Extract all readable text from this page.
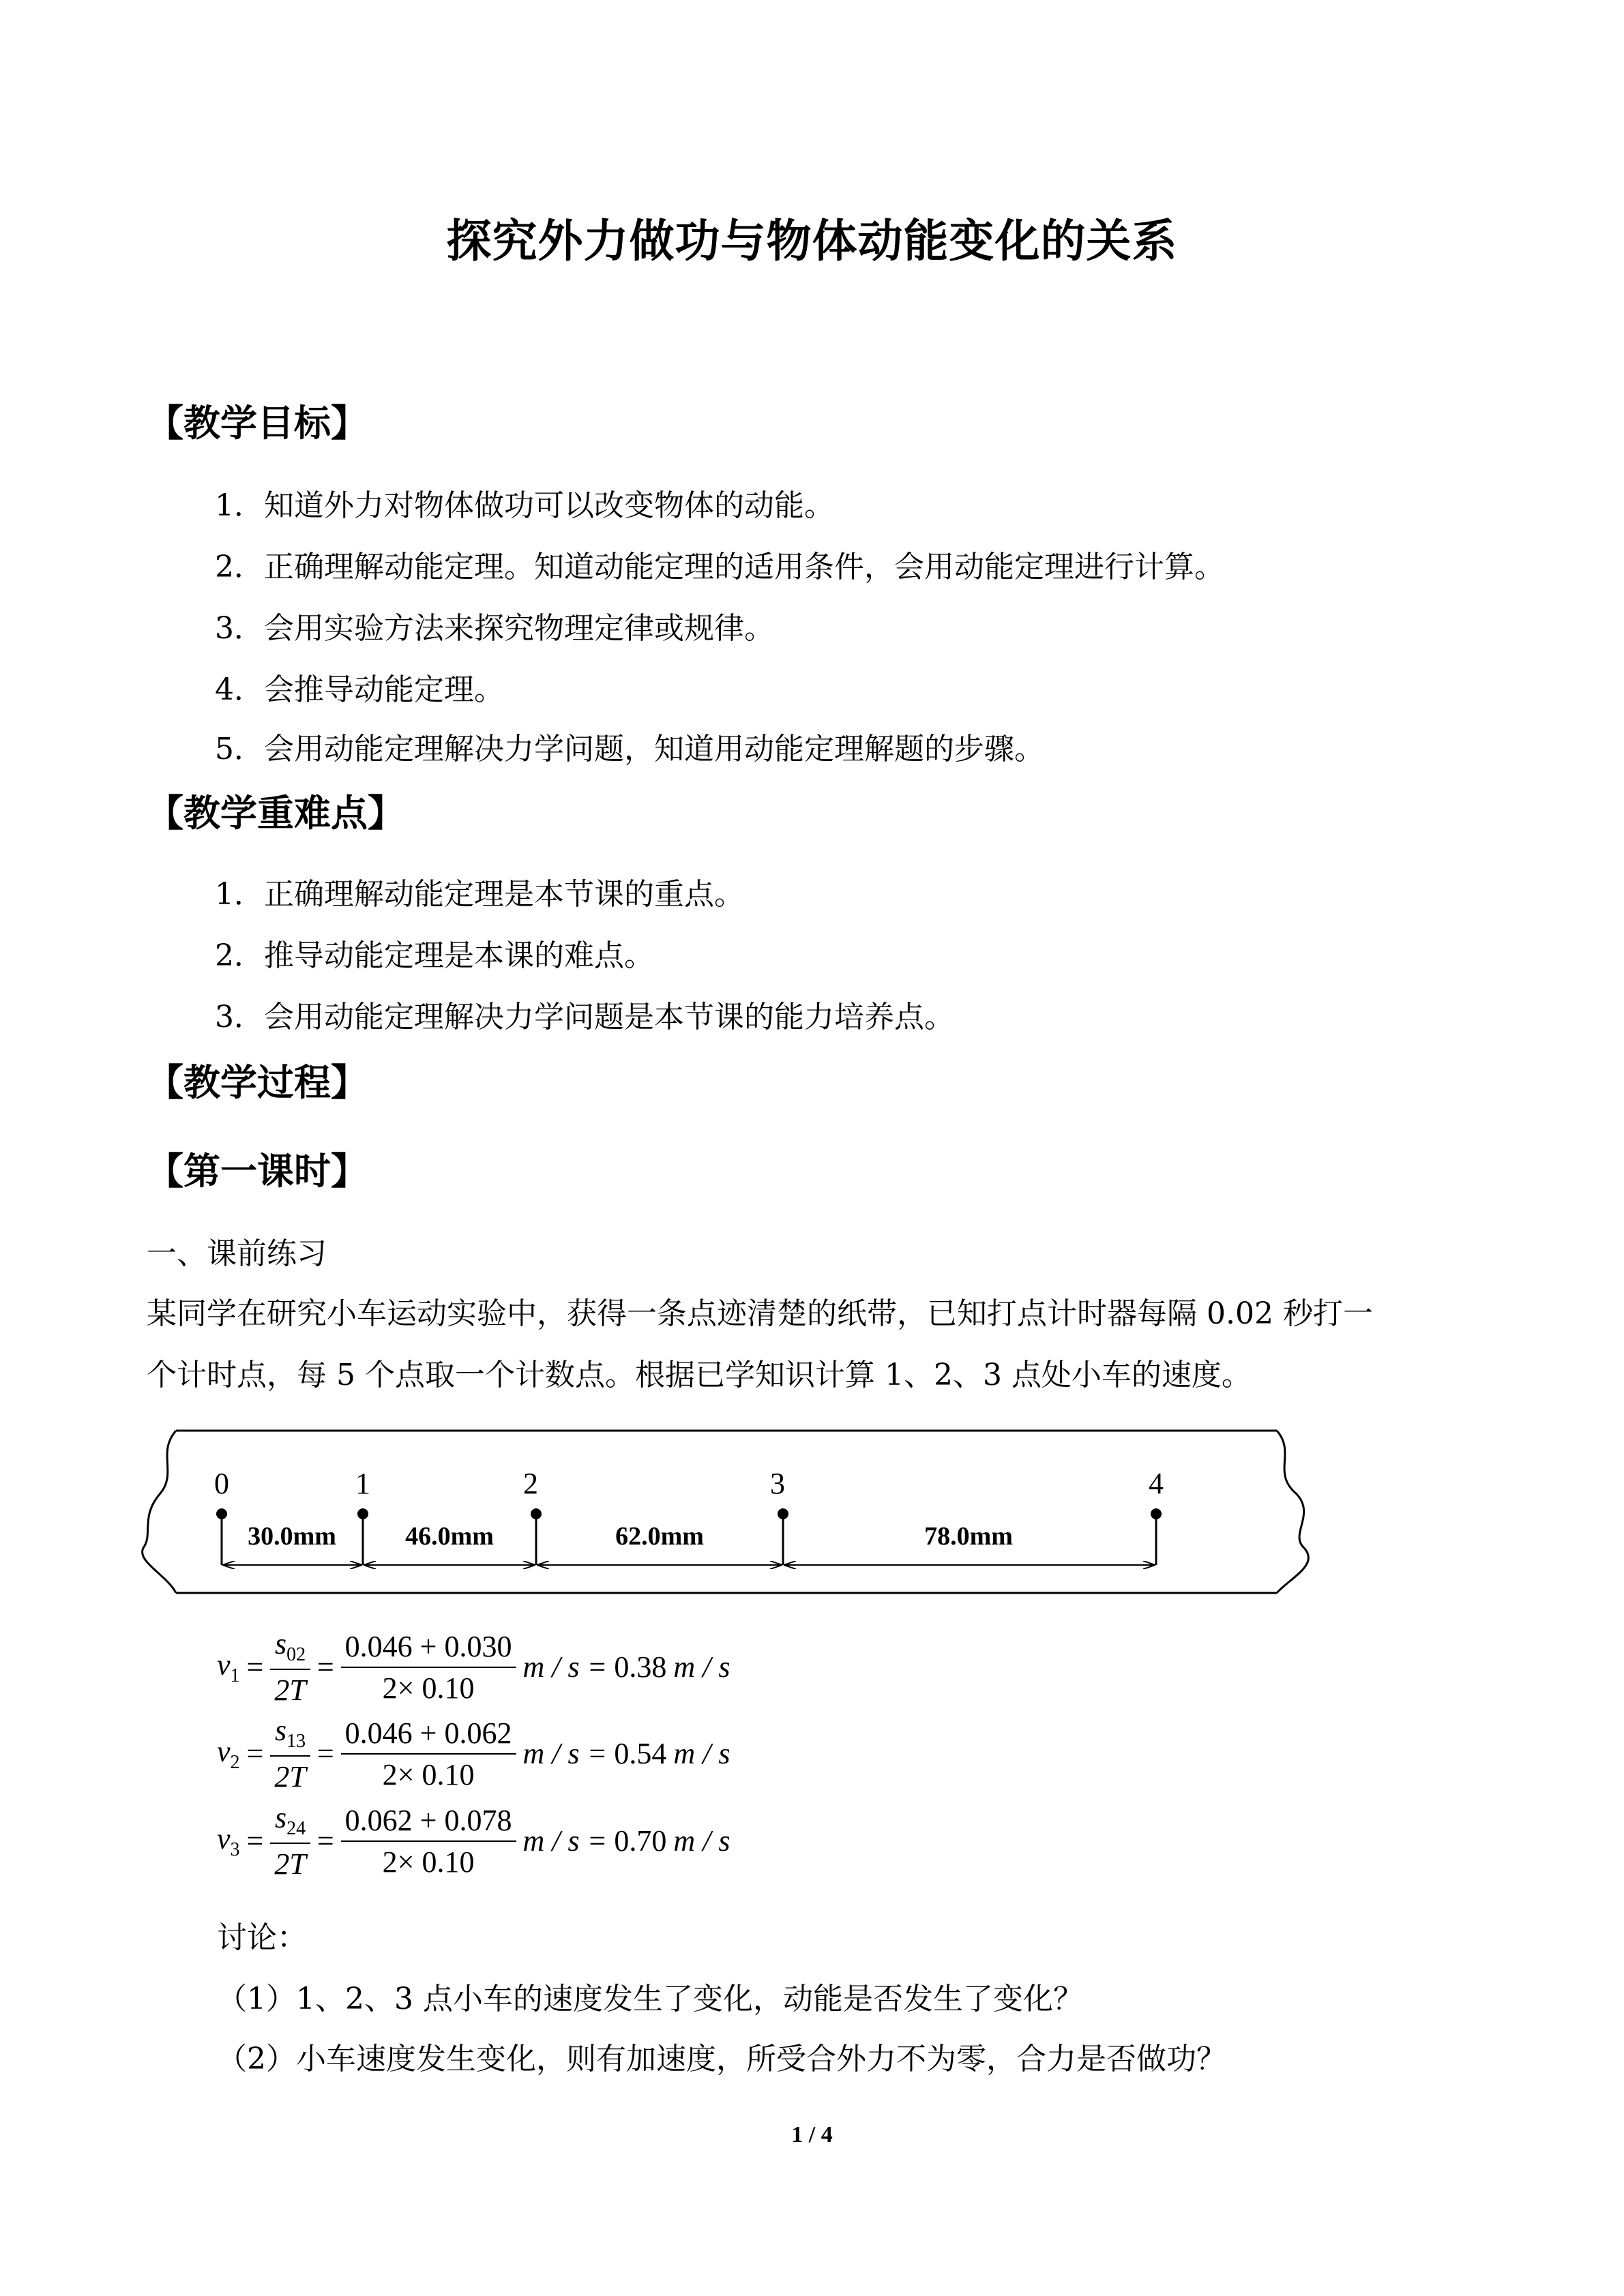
探究外力做功与物体动能变化的关系
【教学目标】
1．知道外力对物体做功可以改变物体的动能。
2．正确理解动能定理。知道动能定理的适用条件，会用动能定理进行计算。
3．会用实验方法来探究物理定律或规律。
4．会推导动能定理。
5．会用动能定理解决力学问题，知道用动能定理解题的步骤。
【教学重难点】
1．正确理解动能定理是本节课的重点。
2．推导动能定理是本课的难点。
3．会用动能定理解决力学问题是本节课的能力培养点。
【教学过程】
【第一课时】
一、课前练习
某同学在研究小车运动实验中，获得一条点迹清楚的纸带，已知打点计时器每隔 0.02 秒打一
个计时点，每 5 个点取一个计数点。根据已学知识计算 1、2、3 点处小车的速度。
0	1	2	3	4
30.0mm	46.0mm	62.0mm	78.0mm
$v_1 = \frac{s_{02}}{2T} = \frac{0.046 + 0.030}{2\times 0.10}$ m / s = 0.38 m / s
$v_2 = \frac{s_{13}}{2T} = \frac{0.046 + 0.062}{2\times 0.10}$ m / s = 0.54 m / s
$v_3 = \frac{s_{24}}{2T} = \frac{0.062 + 0.078}{2\times 0.10}$ m / s = 0.70 m / s
讨论：
（1）1、2、3 点小车的速度发生了变化，动能是否发生了变化？
（2）小车速度发生变化，则有加速度，所受合外力不为零，合力是否做功？
1 / 4
